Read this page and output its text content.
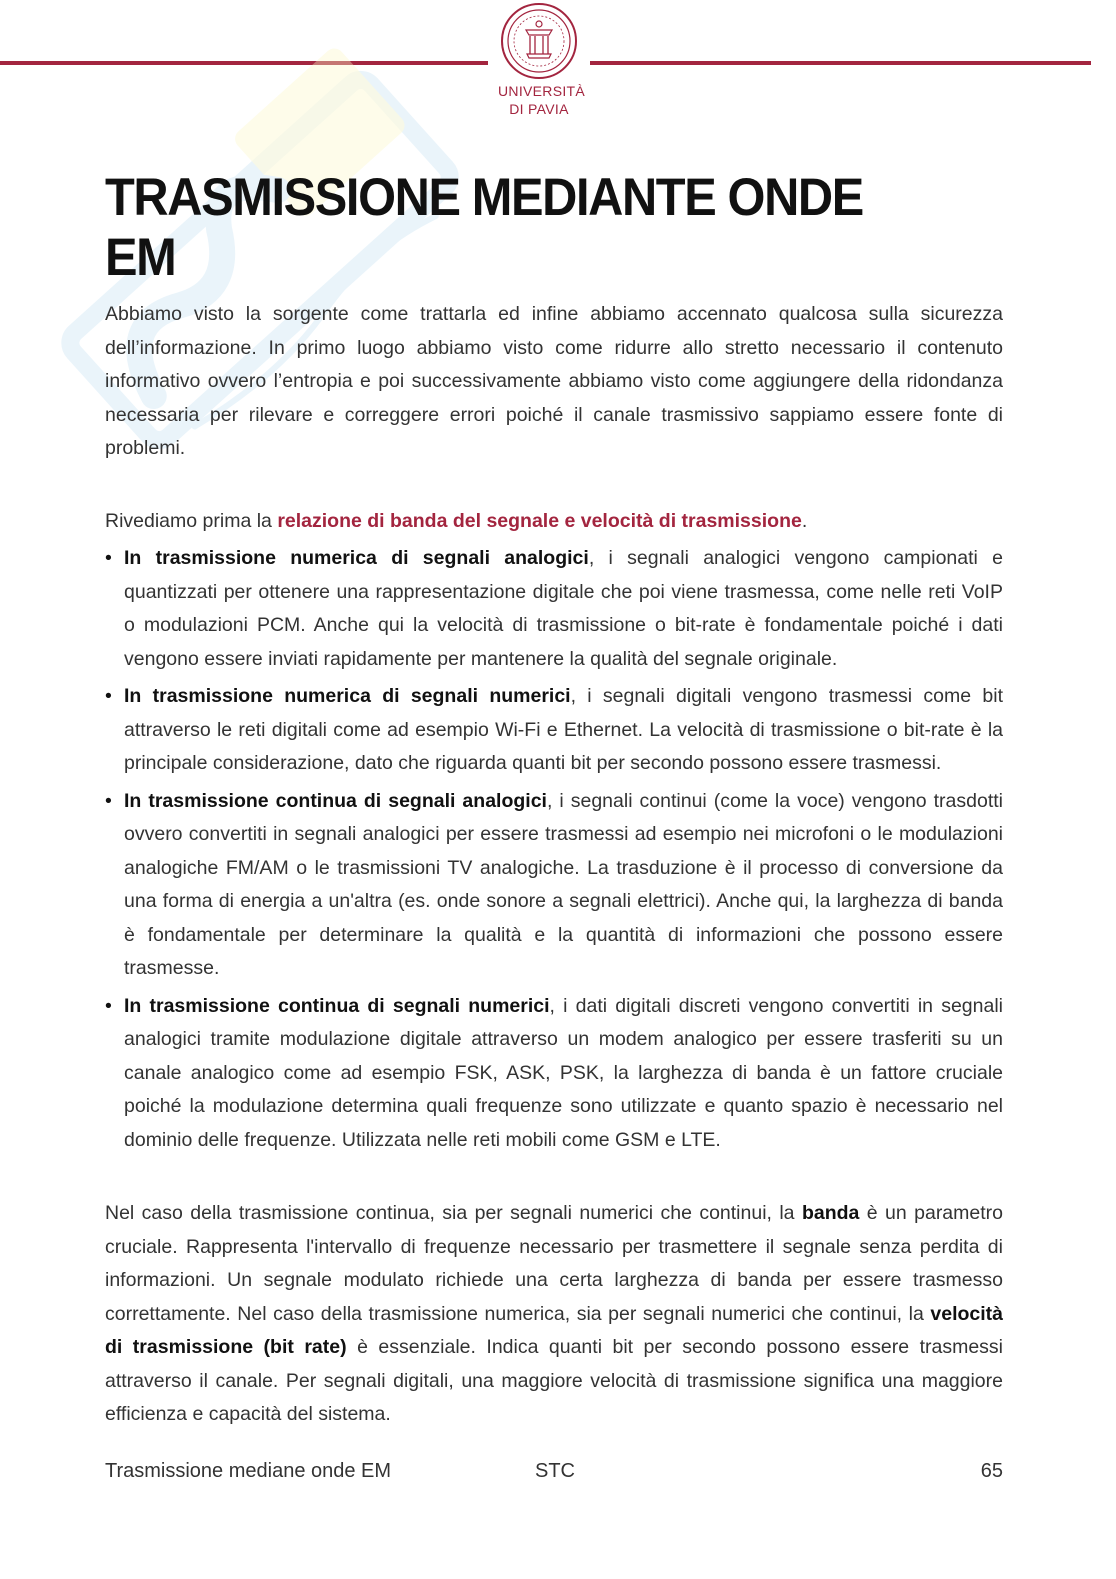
UNIVERSITÀ
DI PAVIA
TRASMISSIONE MEDIANTE ONDE EM

Abbiamo visto la sorgente come trattarla ed infine abbiamo accennato qualcosa sulla sicurezza dell’informazione. In primo luogo abbiamo visto come ridurre allo stretto necessario il contenuto informativo ovvero l’entropia e poi successivamente abbiamo visto come aggiungere della ridondanza necessaria per rilevare e correggere errori poiché il canale trasmissivo sappiamo essere fonte di problemi.

Rivediamo prima la relazione di banda del segnale e velocità di trasmissione.

• In trasmissione numerica di segnali analogici, i segnali analogici vengono campionati e quantizzati per ottenere una rappresentazione digitale che poi viene trasmessa, come nelle reti VoIP o modulazioni PCM. Anche qui la velocità di trasmissione o bit-rate è fondamentale poiché i dati vengono essere inviati rapidamente per mantenere la qualità del segnale originale.
• In trasmissione numerica di segnali numerici, i segnali digitali vengono trasmessi come bit attraverso le reti digitali come ad esempio Wi-Fi e Ethernet. La velocità di trasmissione o bit-rate è la principale considerazione, dato che riguarda quanti bit per secondo possono essere trasmessi.
• In trasmissione continua di segnali analogici, i segnali continui (come la voce) vengono trasdotti ovvero convertiti in segnali analogici per essere trasmessi ad esempio nei microfoni o le modulazioni analogiche FM/AM o le trasmissioni TV analogiche. La trasduzione è il processo di conversione da una forma di energia a un'altra (es. onde sonore a segnali elettrici). Anche qui, la larghezza di banda è fondamentale per determinare la qualità e la quantità di informazioni che possono essere trasmesse.
• In trasmissione continua di segnali numerici, i dati digitali discreti vengono convertiti in segnali analogici tramite modulazione digitale attraverso un modem analogico per essere trasferiti su un canale analogico come ad esempio FSK, ASK, PSK, la larghezza di banda è un fattore cruciale poiché la modulazione determina quali frequenze sono utilizzate e quanto spazio è necessario nel dominio delle frequenze. Utilizzata nelle reti mobili come GSM e LTE.

Nel caso della trasmissione continua, sia per segnali numerici che continui, la banda è un parametro cruciale. Rappresenta l'intervallo di frequenze necessario per trasmettere il segnale senza perdita di informazioni. Un segnale modulato richiede una certa larghezza di banda per essere trasmesso correttamente. Nel caso della trasmissione numerica, sia per segnali numerici che continui, la velocità di trasmissione (bit rate) è essenziale. Indica quanti bit per secondo possono essere trasmessi attraverso il canale. Per segnali digitali, una maggiore velocità di trasmissione significa una maggiore efficienza e capacità del sistema.

Trasmissione mediane onde EM	STC	65
